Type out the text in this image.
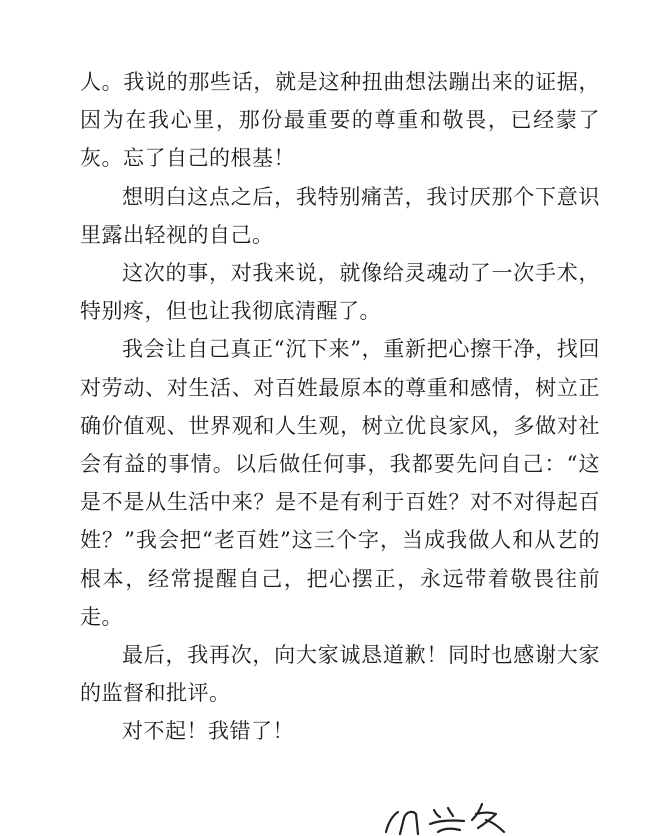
人。我说的那些话，就是这种扭曲想法蹦出来的证据，因为在我心里，那份最重要的尊重和敬畏，已经蒙了灰。忘了自己的根基！

想明白这点之后，我特别痛苦，我讨厌那个下意识里露出轻视的自己。

这次的事，对我来说，就像给灵魂动了一次手术，特别疼，但也让我彻底清醒了。

我会让自己真正“沉下来”，重新把心擦干净，找回对劳动、对生活、对百姓最原本的尊重和感情，树立正确价值观、世界观和人生观，树立优良家风，多做对社会有益的事情。以后做任何事，我都要先问自己：“这是不是从生活中来？是不是有利于百姓？对不对得起百姓？”我会把“老百姓”这三个字，当成我做人和从艺的根本，经常提醒自己，把心摆正，永远带着敬畏往前走。

最后，我再次，向大家诚恳道歉！同时也感谢大家的监督和批评。

对不起！我错了！
